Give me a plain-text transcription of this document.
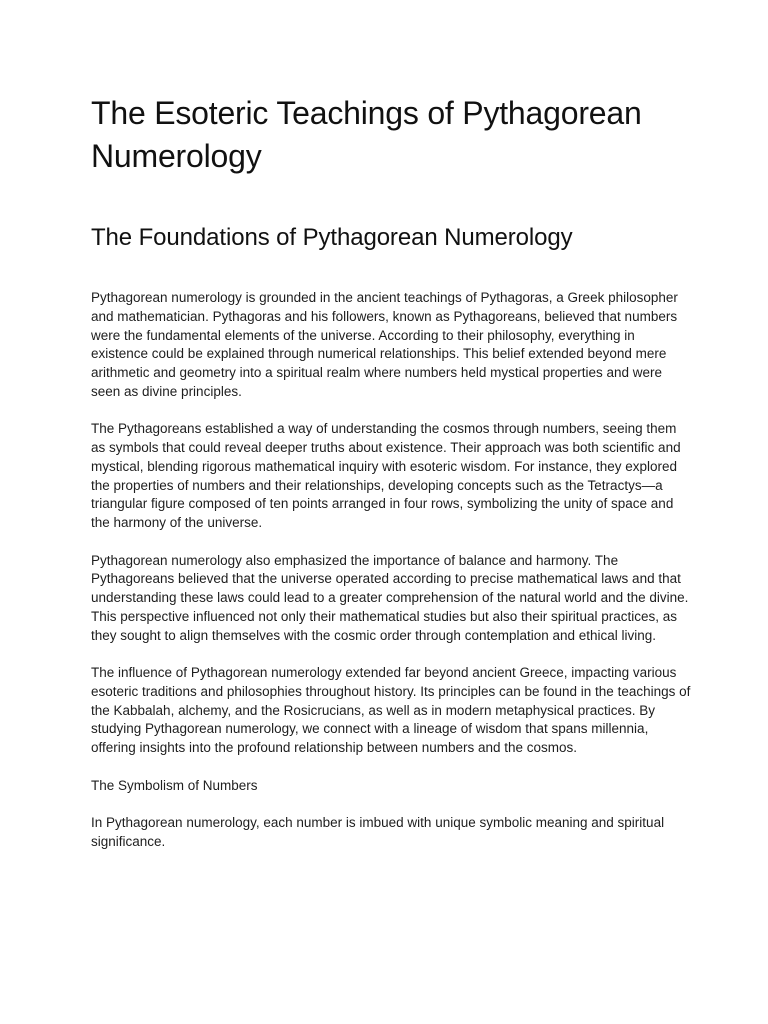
The Esoteric Teachings of Pythagorean Numerology
The Foundations of Pythagorean Numerology

Pythagorean numerology is grounded in the ancient teachings of Pythagoras, a Greek philosopher and mathematician. Pythagoras and his followers, known as Pythagoreans, believed that numbers were the fundamental elements of the universe. According to their philosophy, everything in existence could be explained through numerical relationships. This belief extended beyond mere arithmetic and geometry into a spiritual realm where numbers held mystical properties and were seen as divine principles.

The Pythagoreans established a way of understanding the cosmos through numbers, seeing them as symbols that could reveal deeper truths about existence. Their approach was both scientific and mystical, blending rigorous mathematical inquiry with esoteric wisdom. For instance, they explored the properties of numbers and their relationships, developing concepts such as the Tetractys—a triangular figure composed of ten points arranged in four rows, symbolizing the unity of space and the harmony of the universe.

Pythagorean numerology also emphasized the importance of balance and harmony. The Pythagoreans believed that the universe operated according to precise mathematical laws and that understanding these laws could lead to a greater comprehension of the natural world and the divine. This perspective influenced not only their mathematical studies but also their spiritual practices, as they sought to align themselves with the cosmic order through contemplation and ethical living.

The influence of Pythagorean numerology extended far beyond ancient Greece, impacting various esoteric traditions and philosophies throughout history. Its principles can be found in the teachings of the Kabbalah, alchemy, and the Rosicrucians, as well as in modern metaphysical practices. By studying Pythagorean numerology, we connect with a lineage of wisdom that spans millennia, offering insights into the profound relationship between numbers and the cosmos.

The Symbolism of Numbers

In Pythagorean numerology, each number is imbued with unique symbolic meaning and spiritual significance.
